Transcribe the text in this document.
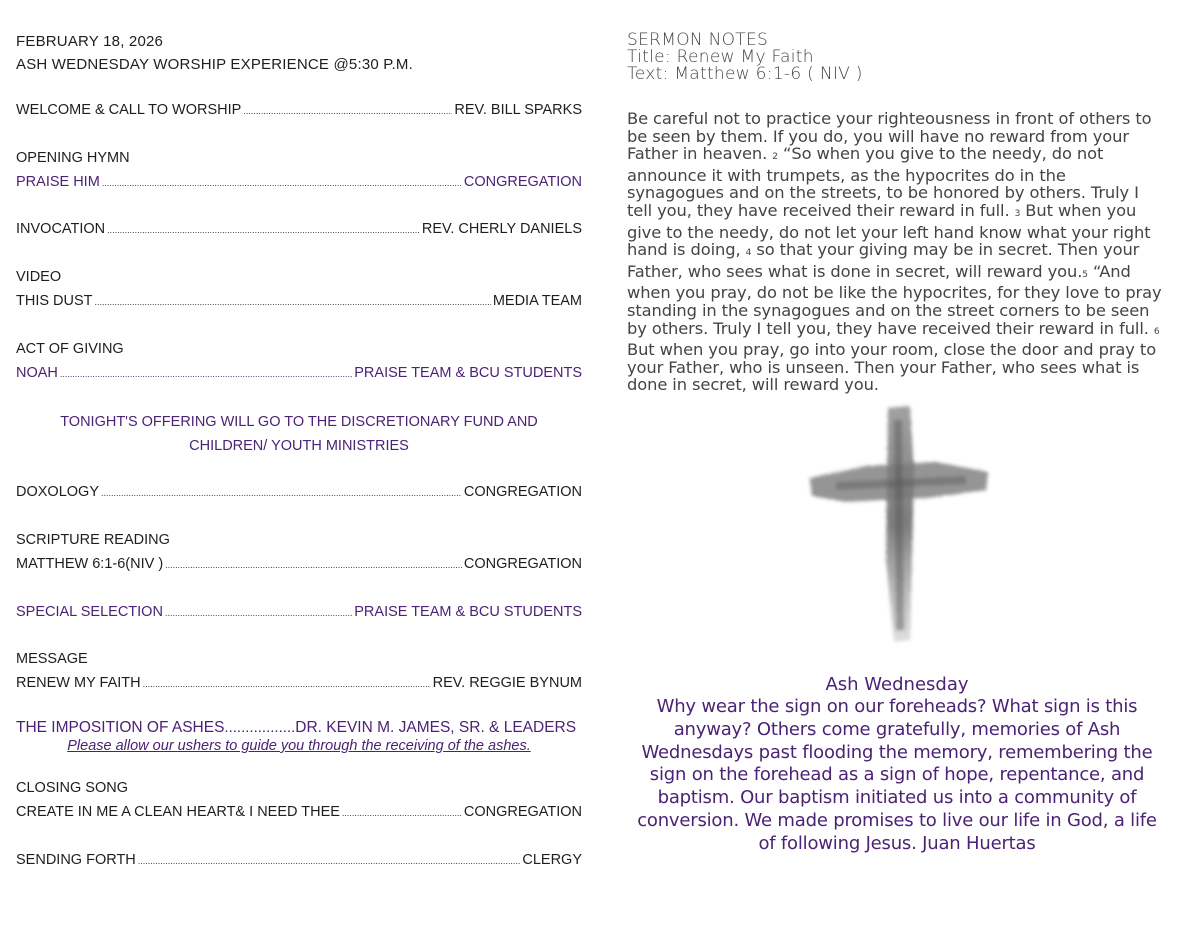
FEBRUARY 18, 2026
ASH WEDNESDAY WORSHIP EXPERIENCE @5:30 P.M.
WELCOME & CALL TO WORSHIP .....	REV. BILL SPARKS
OPENING HYMN
PRAISE HIM .....	CONGREGATION
INVOCATION .....	REV. CHERLY DANIELS
VIDEO
THIS DUST .....	MEDIA TEAM
ACT OF GIVING
NOAH .....	PRAISE TEAM & BCU STUDENTS
TONIGHT'S OFFERING WILL GO TO THE DISCRETIONARY FUND AND
CHILDREN/ YOUTH MINISTRIES
DOXOLOGY .....	CONGREGATION
SCRIPTURE READING
MATTHEW 6:1-6(NIV ) .....	CONGREGATION
SPECIAL SELECTION .....	PRAISE TEAM & BCU STUDENTS
MESSAGE
RENEW MY FAITH .....	REV. REGGIE BYNUM
THE IMPOSITION OF ASHES ................. DR. KEVIN M. JAMES, SR. & LEADERS
Please allow our ushers to guide you through the receiving of the ashes.
CLOSING SONG
CREATE IN ME A CLEAN HEART& I NEED THEE .....	CONGREGATION
SENDING FORTH .....	CLERGY
SERMON NOTES
Title: Renew My Faith
Text: Matthew 6:1-6 ( NIV )
Be careful not to practice your righteousness in front of others to be seen by them. If you do, you will have no reward from your Father in heaven. 2 “So when you give to the needy, do not announce it with trumpets, as the hypocrites do in the synagogues and on the streets, to be honored by others. Truly I tell you, they have received their reward in full. 3 But when you give to the needy, do not let your left hand know what your right hand is doing, 4 so that your giving may be in secret. Then your Father, who sees what is done in secret, will reward you.5 “And when you pray, do not be like the hypocrites, for they love to pray standing in the synagogues and on the street corners to be seen by others. Truly I tell you, they have received their reward in full. 6 But when you pray, go into your room, close the door and pray to your Father, who is unseen. Then your Father, who sees what is done in secret, will reward you.
Ash Wednesday
Why wear the sign on our foreheads? What sign is this anyway? Others come gratefully, memories of Ash Wednesdays past flooding the memory, remembering the sign on the forehead as a sign of hope, repentance, and baptism. Our baptism initiated us into a community of conversion. We made promises to live our life in God, a life of following Jesus. Juan Huertas
